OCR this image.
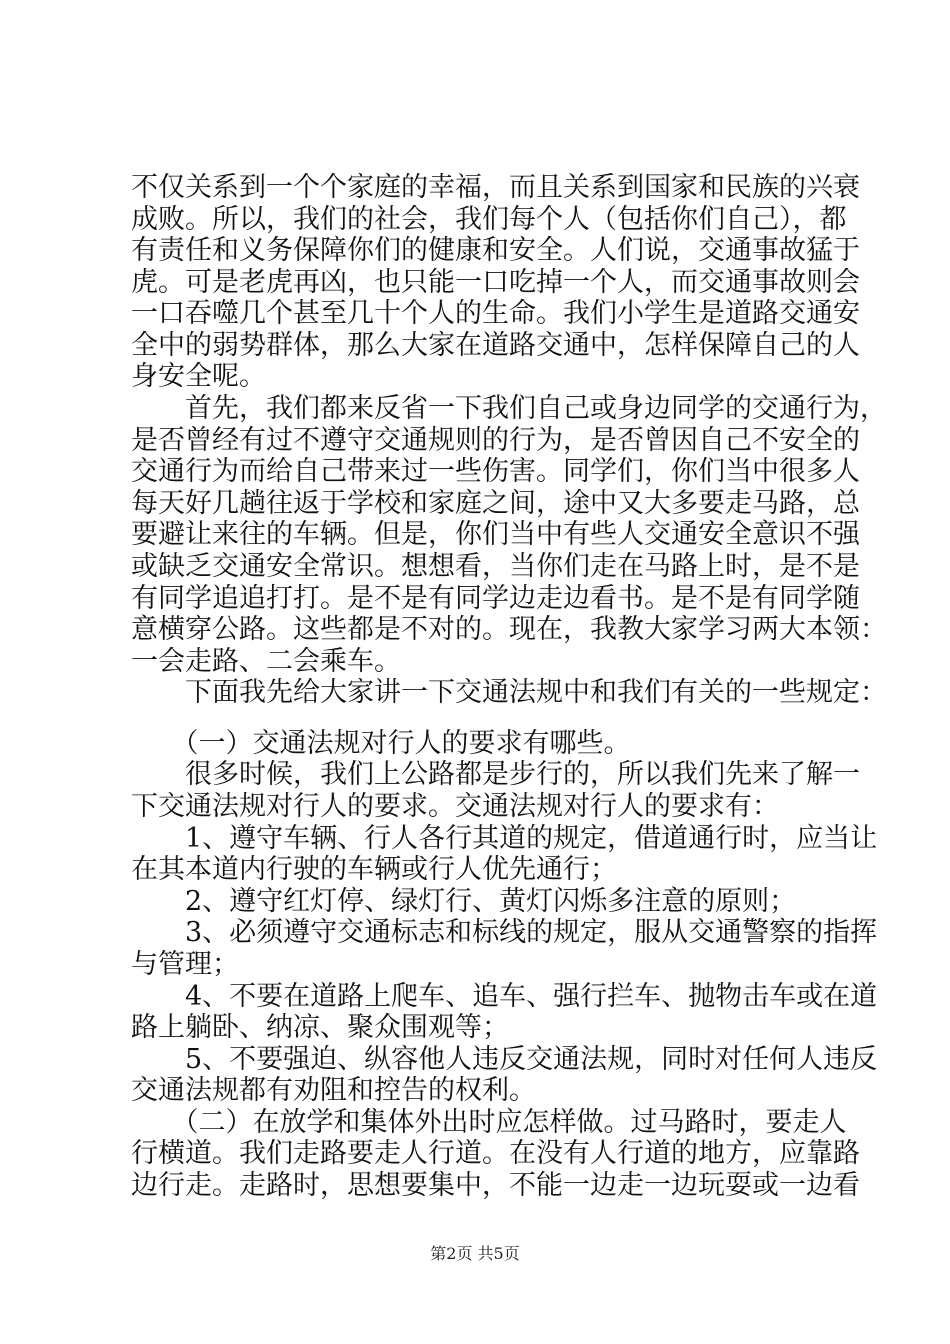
不仅关系到一个个家庭的幸福，而且关系到国家和民族的兴衰
成败。所以，我们的社会，我们每个人（包括你们自己），都
有责任和义务保障你们的健康和安全。人们说，交通事故猛于
虎。可是老虎再凶，也只能一口吃掉一个人，而交通事故则会
一口吞噬几个甚至几十个人的生命。我们小学生是道路交通安
全中的弱势群体，那么大家在道路交通中，怎样保障自己的人
身安全呢。
　　首先，我们都来反省一下我们自己或身边同学的交通行为，
是否曾经有过不遵守交通规则的行为，是否曾因自己不安全的
交通行为而给自己带来过一些伤害。同学们，你们当中很多人
每天好几趟往返于学校和家庭之间，途中又大多要走马路，总
要避让来往的车辆。但是，你们当中有些人交通安全意识不强
或缺乏交通安全常识。想想看，当你们走在马路上时，是不是
有同学追追打打。是不是有同学边走边看书。是不是有同学随
意横穿公路。这些都是不对的。现在，我教大家学习两大本领：
一会走路、二会乘车。
　　下面我先给大家讲一下交通法规中和我们有关的一些规定：
　　（一）交通法规对行人的要求有哪些。
　　很多时候，我们上公路都是步行的，所以我们先来了解一
下交通法规对行人的要求。交通法规对行人的要求有：
　　1、遵守车辆、行人各行其道的规定，借道通行时，应当让
在其本道内行驶的车辆或行人优先通行；
　　2、遵守红灯停、绿灯行、黄灯闪烁多注意的原则；
　　3、必须遵守交通标志和标线的规定，服从交通警察的指挥
与管理；
　　4、不要在道路上爬车、追车、强行拦车、抛物击车或在道
路上躺卧、纳凉、聚众围观等；
　　5、不要强迫、纵容他人违反交通法规，同时对任何人违反
交通法规都有劝阻和控告的权利。
　　（二）在放学和集体外出时应怎样做。过马路时，要走人
行横道。我们走路要走人行道。在没有人行道的地方，应靠路
边行走。走路时，思想要集中，不能一边走一边玩耍或一边看
第2页 共5页
